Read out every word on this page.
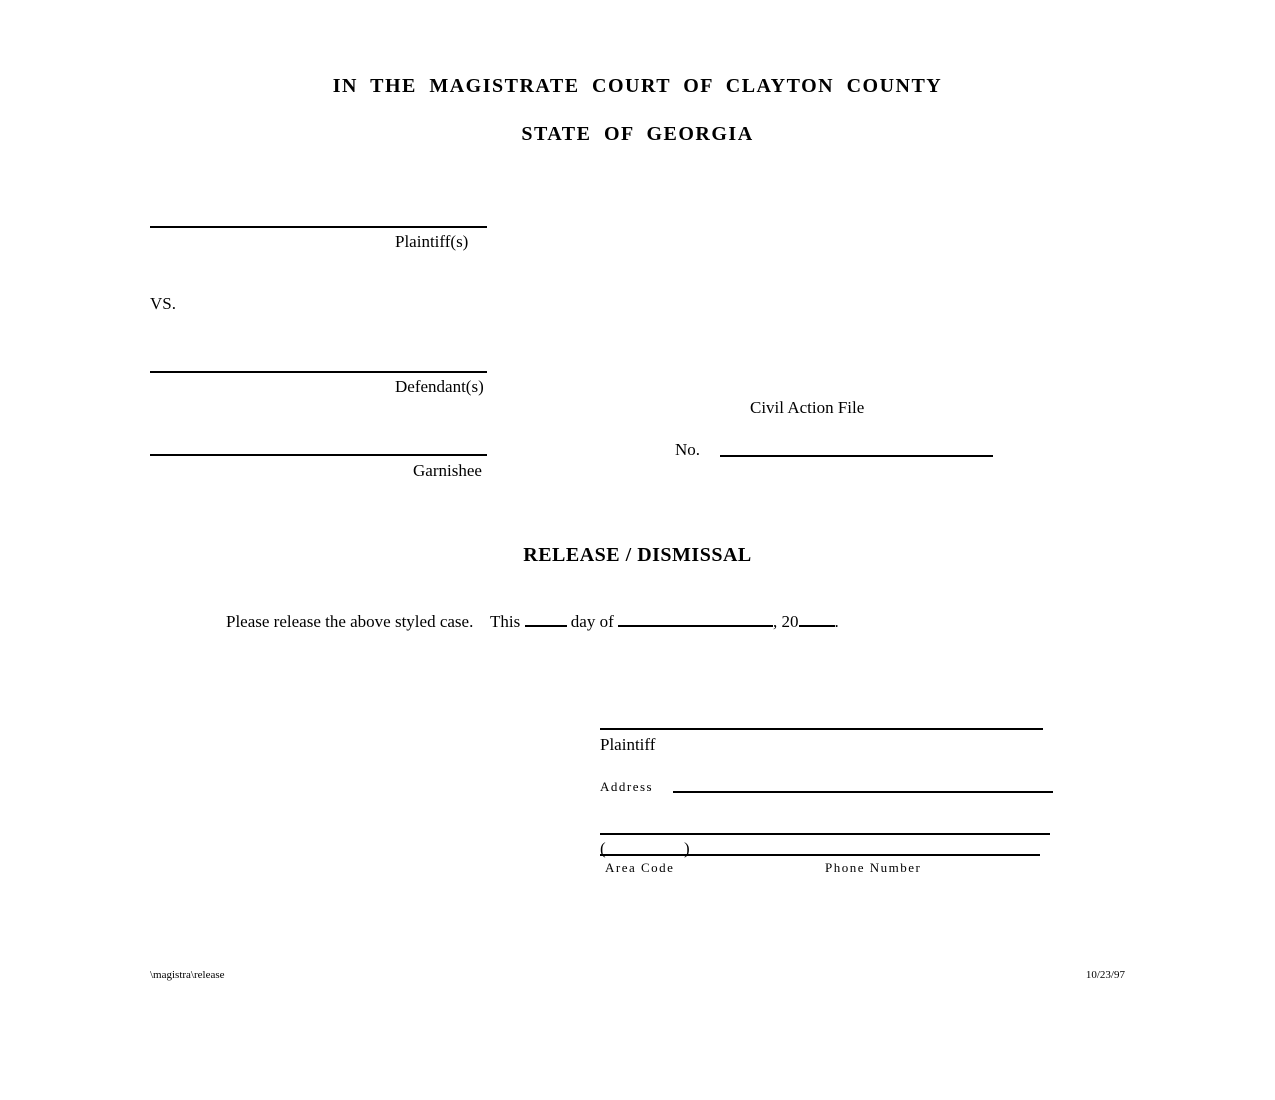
IN THE MAGISTRATE COURT OF CLAYTON COUNTY
STATE OF GEORGIA
Plaintiff(s)
VS.
Defendant(s)
Civil Action File
Garnishee
No.
RELEASE / DISMISSAL
Please release the above styled case. This	day of	, 20 .
Plaintiff
Address
(	)
Area Code	Phone Number
\magistra\release	10/23/97
